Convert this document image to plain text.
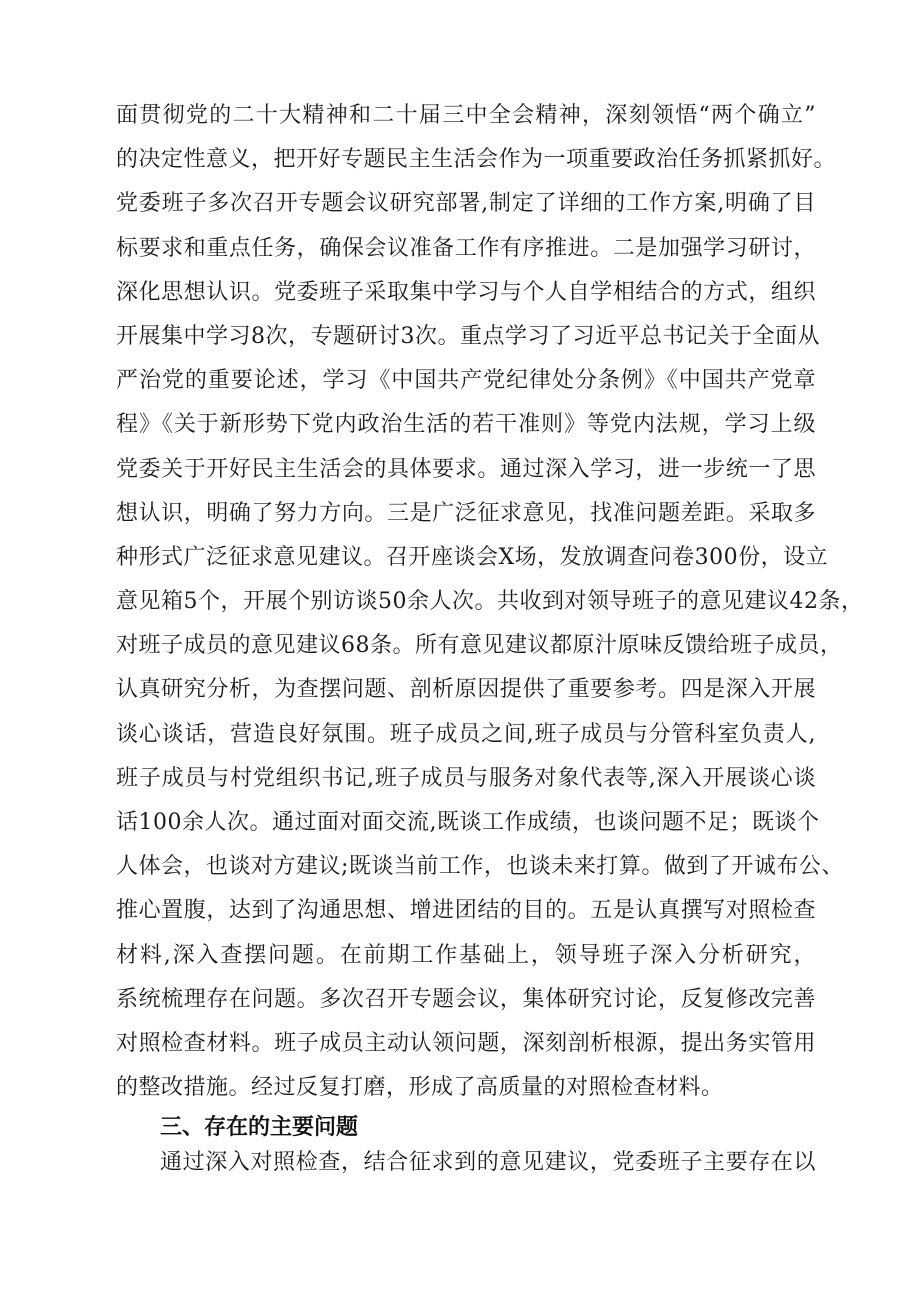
面贯彻党的二十大精神和二十届三中全会精神，深刻领悟“两个确立”
的决定性意义，把开好专题民主生活会作为一项重要政治任务抓紧抓好。
党委班子多次召开专题会议研究部署,制定了详细的工作方案,明确了目
标要求和重点任务，确保会议准备工作有序推进。二是加强学习研讨，
深化思想认识。党委班子采取集中学习与个人自学相结合的方式，组织
开展集中学习8次，专题研讨3次。重点学习了习近平总书记关于全面从
严治党的重要论述，学习《中国共产党纪律处分条例》《中国共产党章
程》《关于新形势下党内政治生活的若干准则》等党内法规，学习上级
党委关于开好民主生活会的具体要求。通过深入学习，进一步统一了思
想认识，明确了努力方向。三是广泛征求意见，找准问题差距。采取多
种形式广泛征求意见建议。召开座谈会X场，发放调查问卷300份，设立
意见箱5个，开展个别访谈50余人次。共收到对领导班子的意见建议42条，
对班子成员的意见建议68条。所有意见建议都原汁原味反馈给班子成员，
认真研究分析，为查摆问题、剖析原因提供了重要参考。四是深入开展
谈心谈话，营造良好氛围。班子成员之间,班子成员与分管科室负责人,
班子成员与村党组织书记,班子成员与服务对象代表等,深入开展谈心谈
话100余人次。通过面对面交流,既谈工作成绩，也谈问题不足；既谈个
人体会，也谈对方建议;既谈当前工作，也谈未来打算。做到了开诚布公、
推心置腹，达到了沟通思想、增进团结的目的。五是认真撰写对照检查
材料,深入查摆问题。在前期工作基础上，领导班子深入分析研究，
系统梳理存在问题。多次召开专题会议，集体研究讨论，反复修改完善
对照检查材料。班子成员主动认领问题，深刻剖析根源，提出务实管用
的整改措施。经过反复打磨，形成了高质量的对照检查材料。
三、存在的主要问题
通过深入对照检查，结合征求到的意见建议，党委班子主要存在以
